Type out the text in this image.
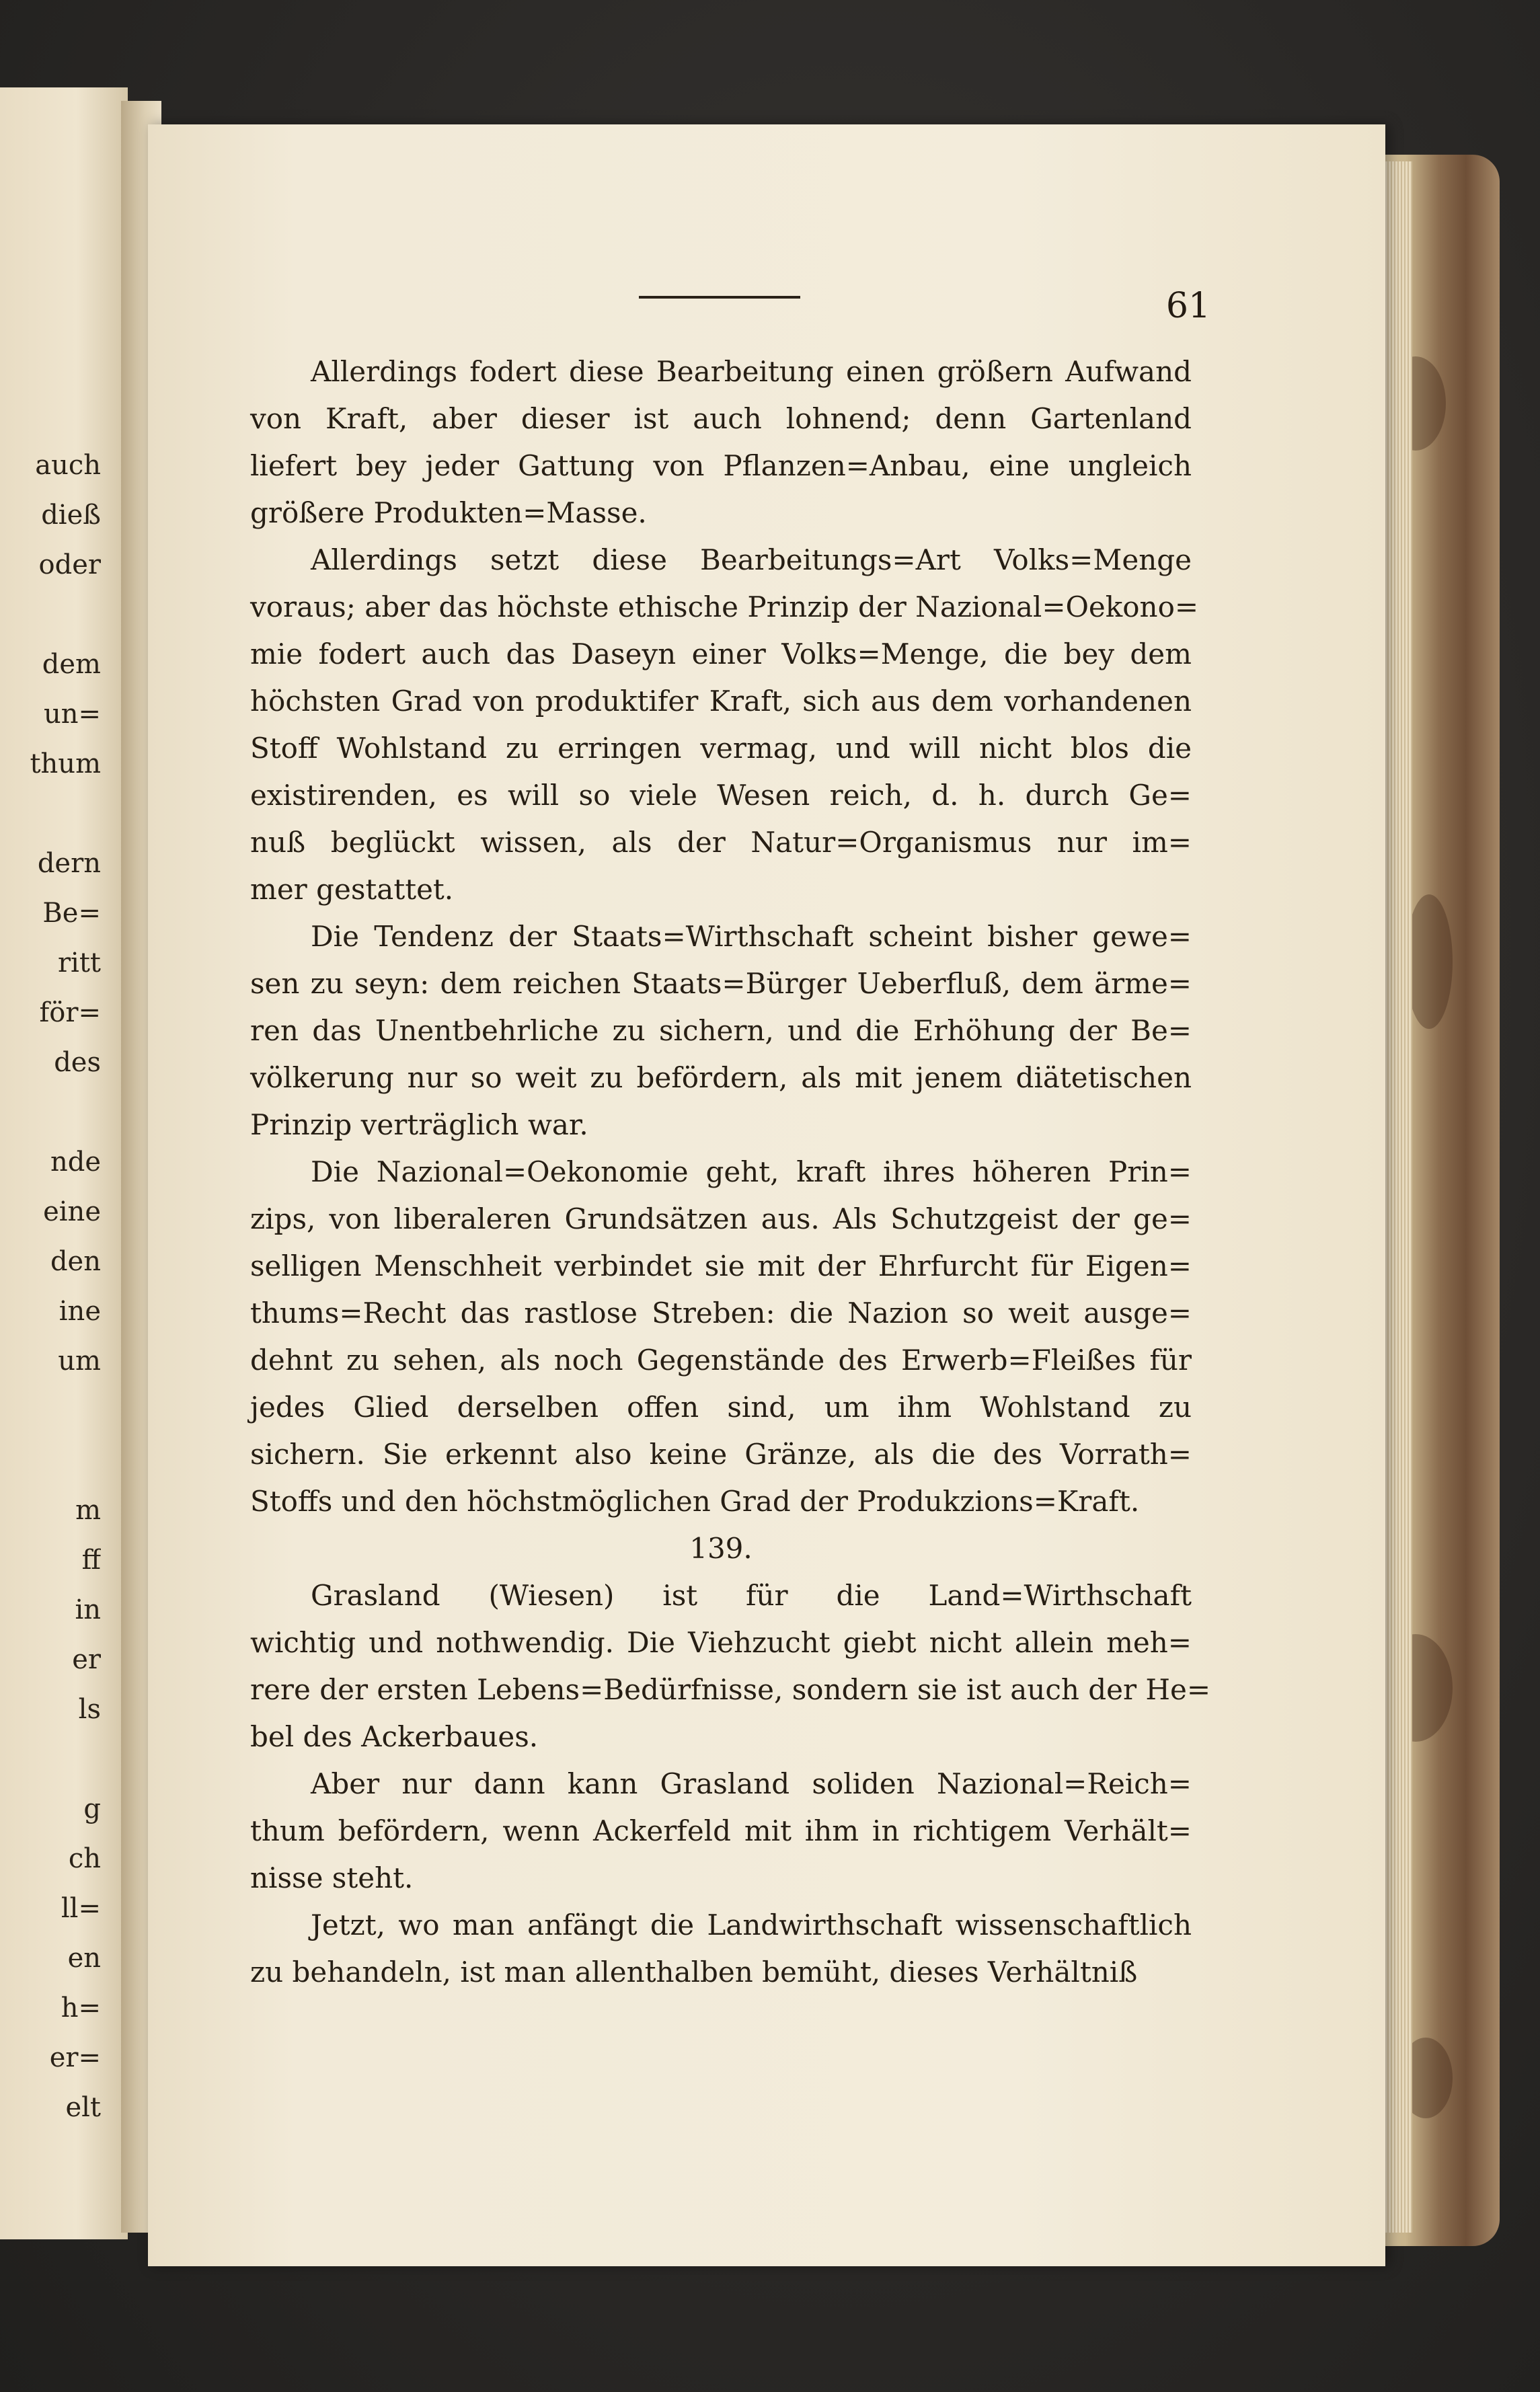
auch
dieß
oder
dem
un=
thum
dern
Be=
ritt
för=
des
nde
eine
den
ine
um
m
ff
in
er
ls
g
ch
ll=
en
h=
er=
elt
61
Allerdings fodert diese Bearbeitung einen größern Aufwand
von Kraft, aber dieser ist auch lohnend; denn Gartenland
liefert bey jeder Gattung von Pflanzen=Anbau, eine ungleich
größere Produkten=Masse.
Allerdings setzt diese Bearbeitungs=Art Volks=Menge
voraus; aber das höchste ethische Prinzip der Nazional=Oekono=
mie fodert auch das Daseyn einer Volks=Menge, die bey dem
höchsten Grad von produktifer Kraft, sich aus dem vorhandenen
Stoff Wohlstand zu erringen vermag, und will nicht blos die
existirenden, es will so viele Wesen reich, d. h. durch Ge=
nuß beglückt wissen, als der Natur=Organismus nur im=
mer gestattet.
Die Tendenz der Staats=Wirthschaft scheint bisher gewe=
sen zu seyn: dem reichen Staats=Bürger Ueberfluß, dem ärme=
ren das Unentbehrliche zu sichern, und die Erhöhung der Be=
völkerung nur so weit zu befördern, als mit jenem diätetischen
Prinzip verträglich war.
Die Nazional=Oekonomie geht, kraft ihres höheren Prin=
zips, von liberaleren Grundsätzen aus. Als Schutzgeist der ge=
selligen Menschheit verbindet sie mit der Ehrfurcht für Eigen=
thums=Recht das rastlose Streben: die Nazion so weit ausge=
dehnt zu sehen, als noch Gegenstände des Erwerb=Fleißes für
jedes Glied derselben offen sind, um ihm Wohlstand zu
sichern. Sie erkennt also keine Gränze, als die des Vorrath=
Stoffs und den höchstmöglichen Grad der Produkzions=Kraft.
139.
Grasland (Wiesen) ist für die Land=Wirthschaft
wichtig und nothwendig. Die Viehzucht giebt nicht allein meh=
rere der ersten Lebens=Bedürfnisse, sondern sie ist auch der He=
bel des Ackerbaues.
Aber nur dann kann Grasland soliden Nazional=Reich=
thum befördern, wenn Ackerfeld mit ihm in richtigem Verhält=
nisse steht.
Jetzt, wo man anfängt die Landwirthschaft wissenschaftlich
zu behandeln, ist man allenthalben bemüht, dieses Verhältniß
